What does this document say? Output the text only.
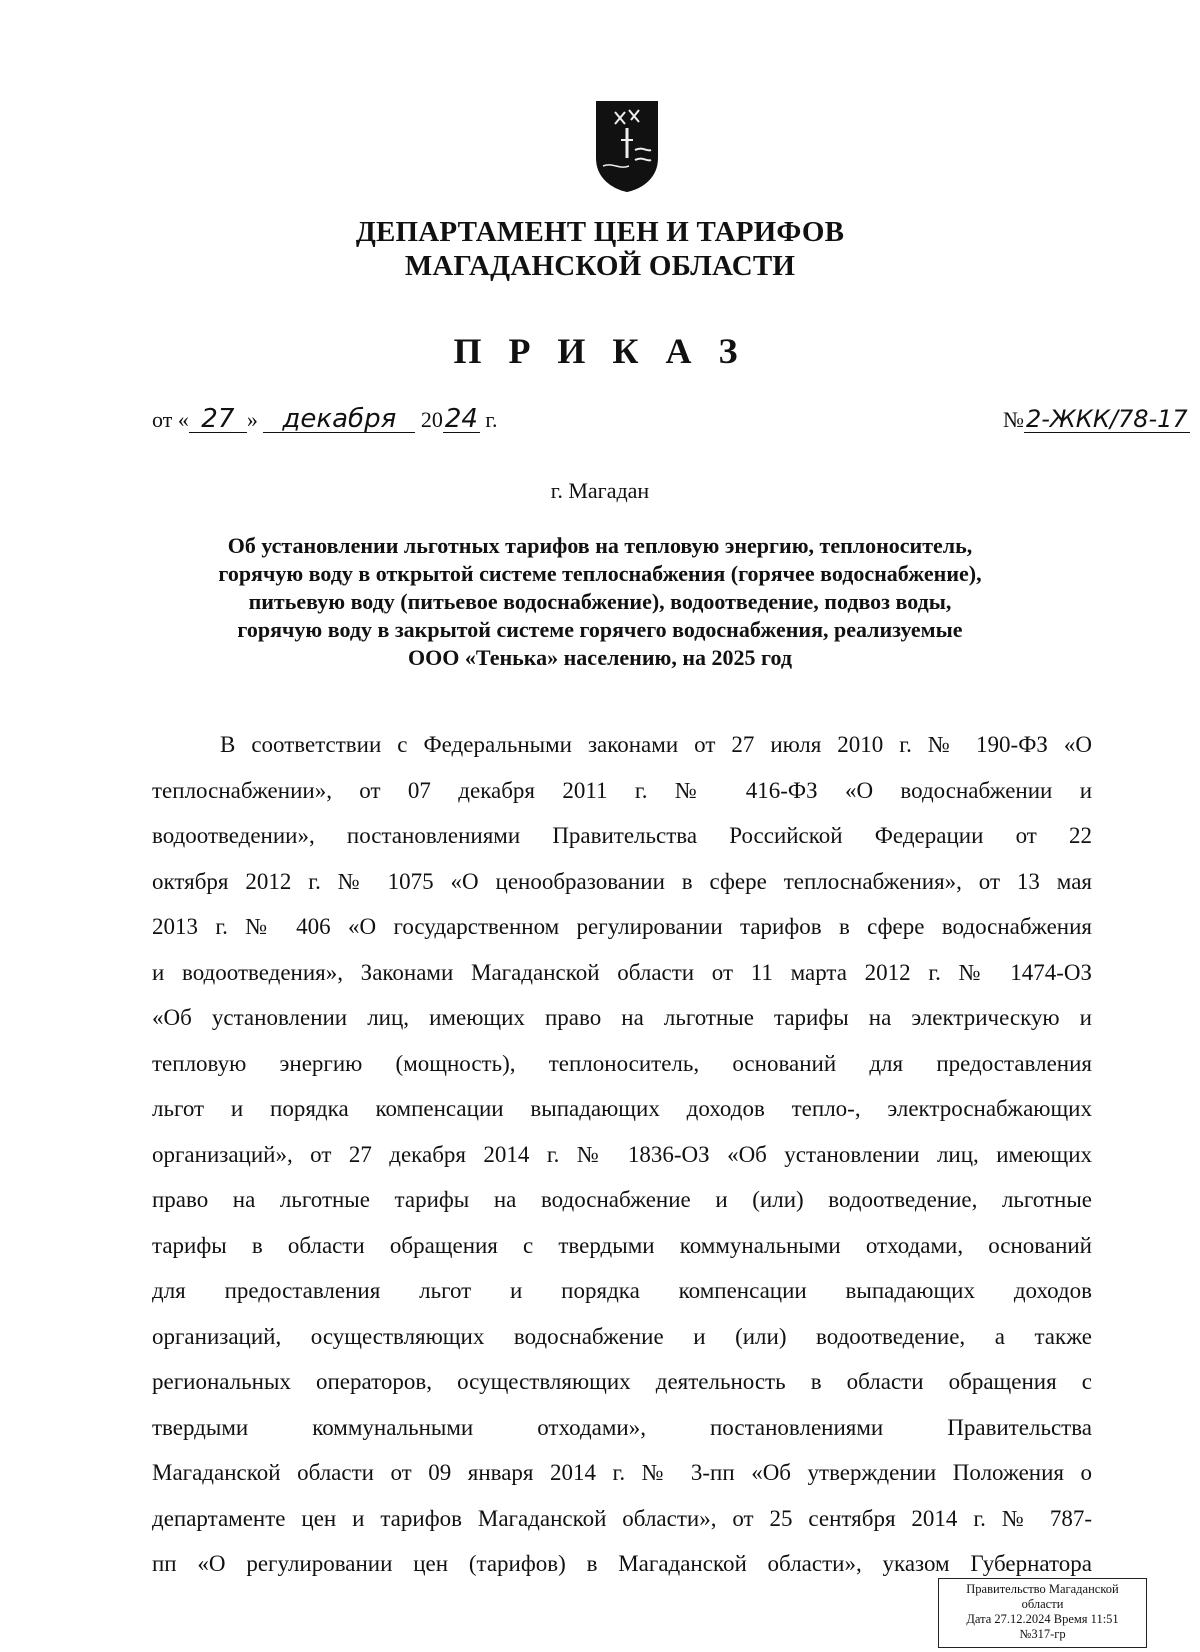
ДЕПАРТАМЕНТ ЦЕН И ТАРИФОВ
МАГАДАНСКОЙ ОБЛАСТИ
П Р И К А З
от « 27 » декабря 2024 г.	№2-ЖКК/78-17
г. Магадан
Об установлении льготных тарифов на тепловую энергию, теплоноситель,
горячую воду в открытой системе теплоснабжения (горячее водоснабжение),
питьевую воду (питьевое водоснабжение), водоотведение, подвоз воды,
горячую воду в закрытой системе горячего водоснабжения, реализуемые
ООО «Тенька» населению, на 2025 год
В соответствии с Федеральными законами от 27 июля 2010 г. № 190-ФЗ «О
теплоснабжении», от 07 декабря 2011 г. № 416-ФЗ «О водоснабжении и
водоотведении», постановлениями Правительства Российской Федерации от 22
октября 2012 г. № 1075 «О ценообразовании в сфере теплоснабжения», от 13 мая
2013 г. № 406 «О государственном регулировании тарифов в сфере водоснабжения
и водоотведения», Законами Магаданской области от 11 марта 2012 г. № 1474-ОЗ
«Об установлении лиц, имеющих право на льготные тарифы на электрическую и
тепловую энергию (мощность), теплоноситель, оснований для предоставления
льгот и порядка компенсации выпадающих доходов тепло-, электроснабжающих
организаций», от 27 декабря 2014 г. № 1836-ОЗ «Об установлении лиц, имеющих
право на льготные тарифы на водоснабжение и (или) водоотведение, льготные
тарифы в области обращения с твердыми коммунальными отходами, оснований
для предоставления льгот и порядка компенсации выпадающих доходов
организаций, осуществляющих водоснабжение и (или) водоотведение, а также
региональных операторов, осуществляющих деятельность в области обращения с
твердыми коммунальными отходами», постановлениями Правительства
Магаданской области от 09 января 2014 г. № 3-пп «Об утверждении Положения о
департаменте цен и тарифов Магаданской области», от 25 сентября 2014 г. № 787-
пп «О регулировании цен (тарифов) в Магаданской области», указом Губернатора
Правительство Магаданской
области
Дата 27.12.2024 Время 11:51
№317-гр
